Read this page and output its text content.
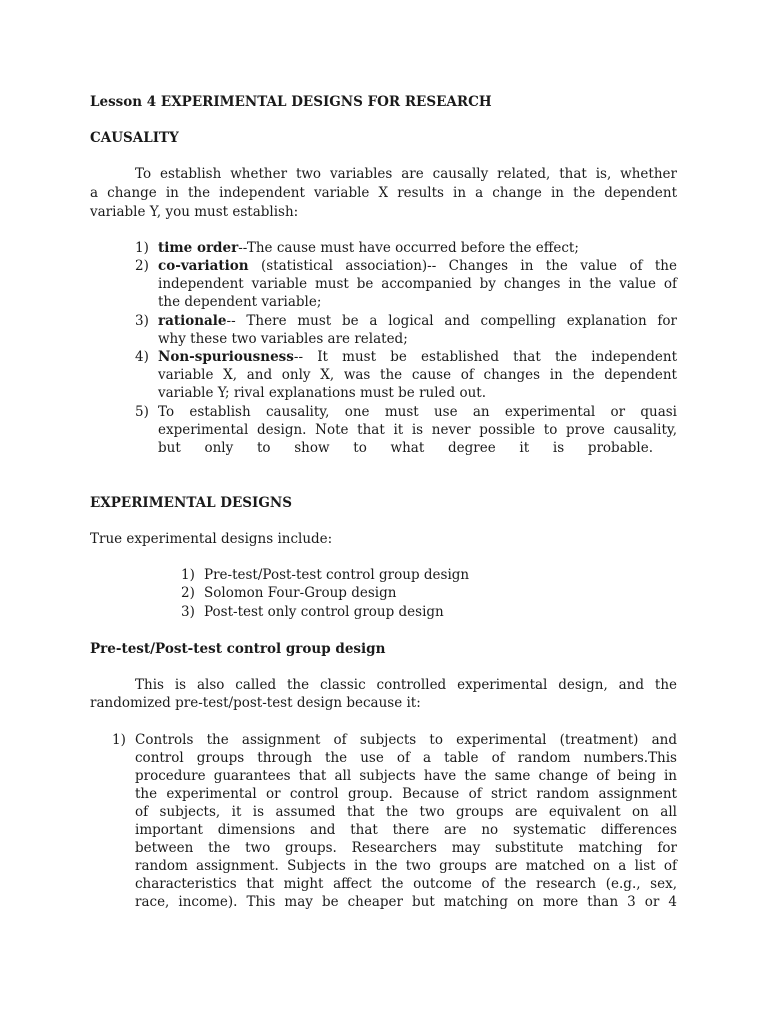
Lesson 4 EXPERIMENTAL DESIGNS FOR RESEARCH
CAUSALITY
To establish whether two variables are causally related, that is, whether
a change in the independent variable X results in a change in the dependent
variable Y, you must establish:
1) time order--The cause must have occurred before the effect;
2) co-variation (statistical association)-- Changes in the value of the
independent variable must be accompanied by changes in the value of
the dependent variable;
3) rationale-- There must be a logical and compelling explanation for
why these two variables are related;
4) Non-spuriousness-- It must be established that the independent
variable X, and only X, was the cause of changes in the dependent
variable Y; rival explanations must be ruled out.
5) To establish causality, one must use an experimental or quasi
experimental design. Note that it is never possible to prove causality,
but only to show to what degree it is probable.
EXPERIMENTAL DESIGNS
True experimental designs include:
1) Pre-test/Post-test control group design
2) Solomon Four-Group design
3) Post-test only control group design
Pre-test/Post-test control group design
This is also called the classic controlled experimental design, and the
randomized pre-test/post-test design because it:
1) Controls the assignment of subjects to experimental (treatment) and
control groups through the use of a table of random numbers.This
procedure guarantees that all subjects have the same change of being in
the experimental or control group. Because of strict random assignment
of subjects, it is assumed that the two groups are equivalent on all
important dimensions and that there are no systematic differences
between the two groups. Researchers may substitute matching for
random assignment. Subjects in the two groups are matched on a list of
characteristics that might affect the outcome of the research (e.g., sex,
race, income). This may be cheaper but matching on more than 3 or 4
